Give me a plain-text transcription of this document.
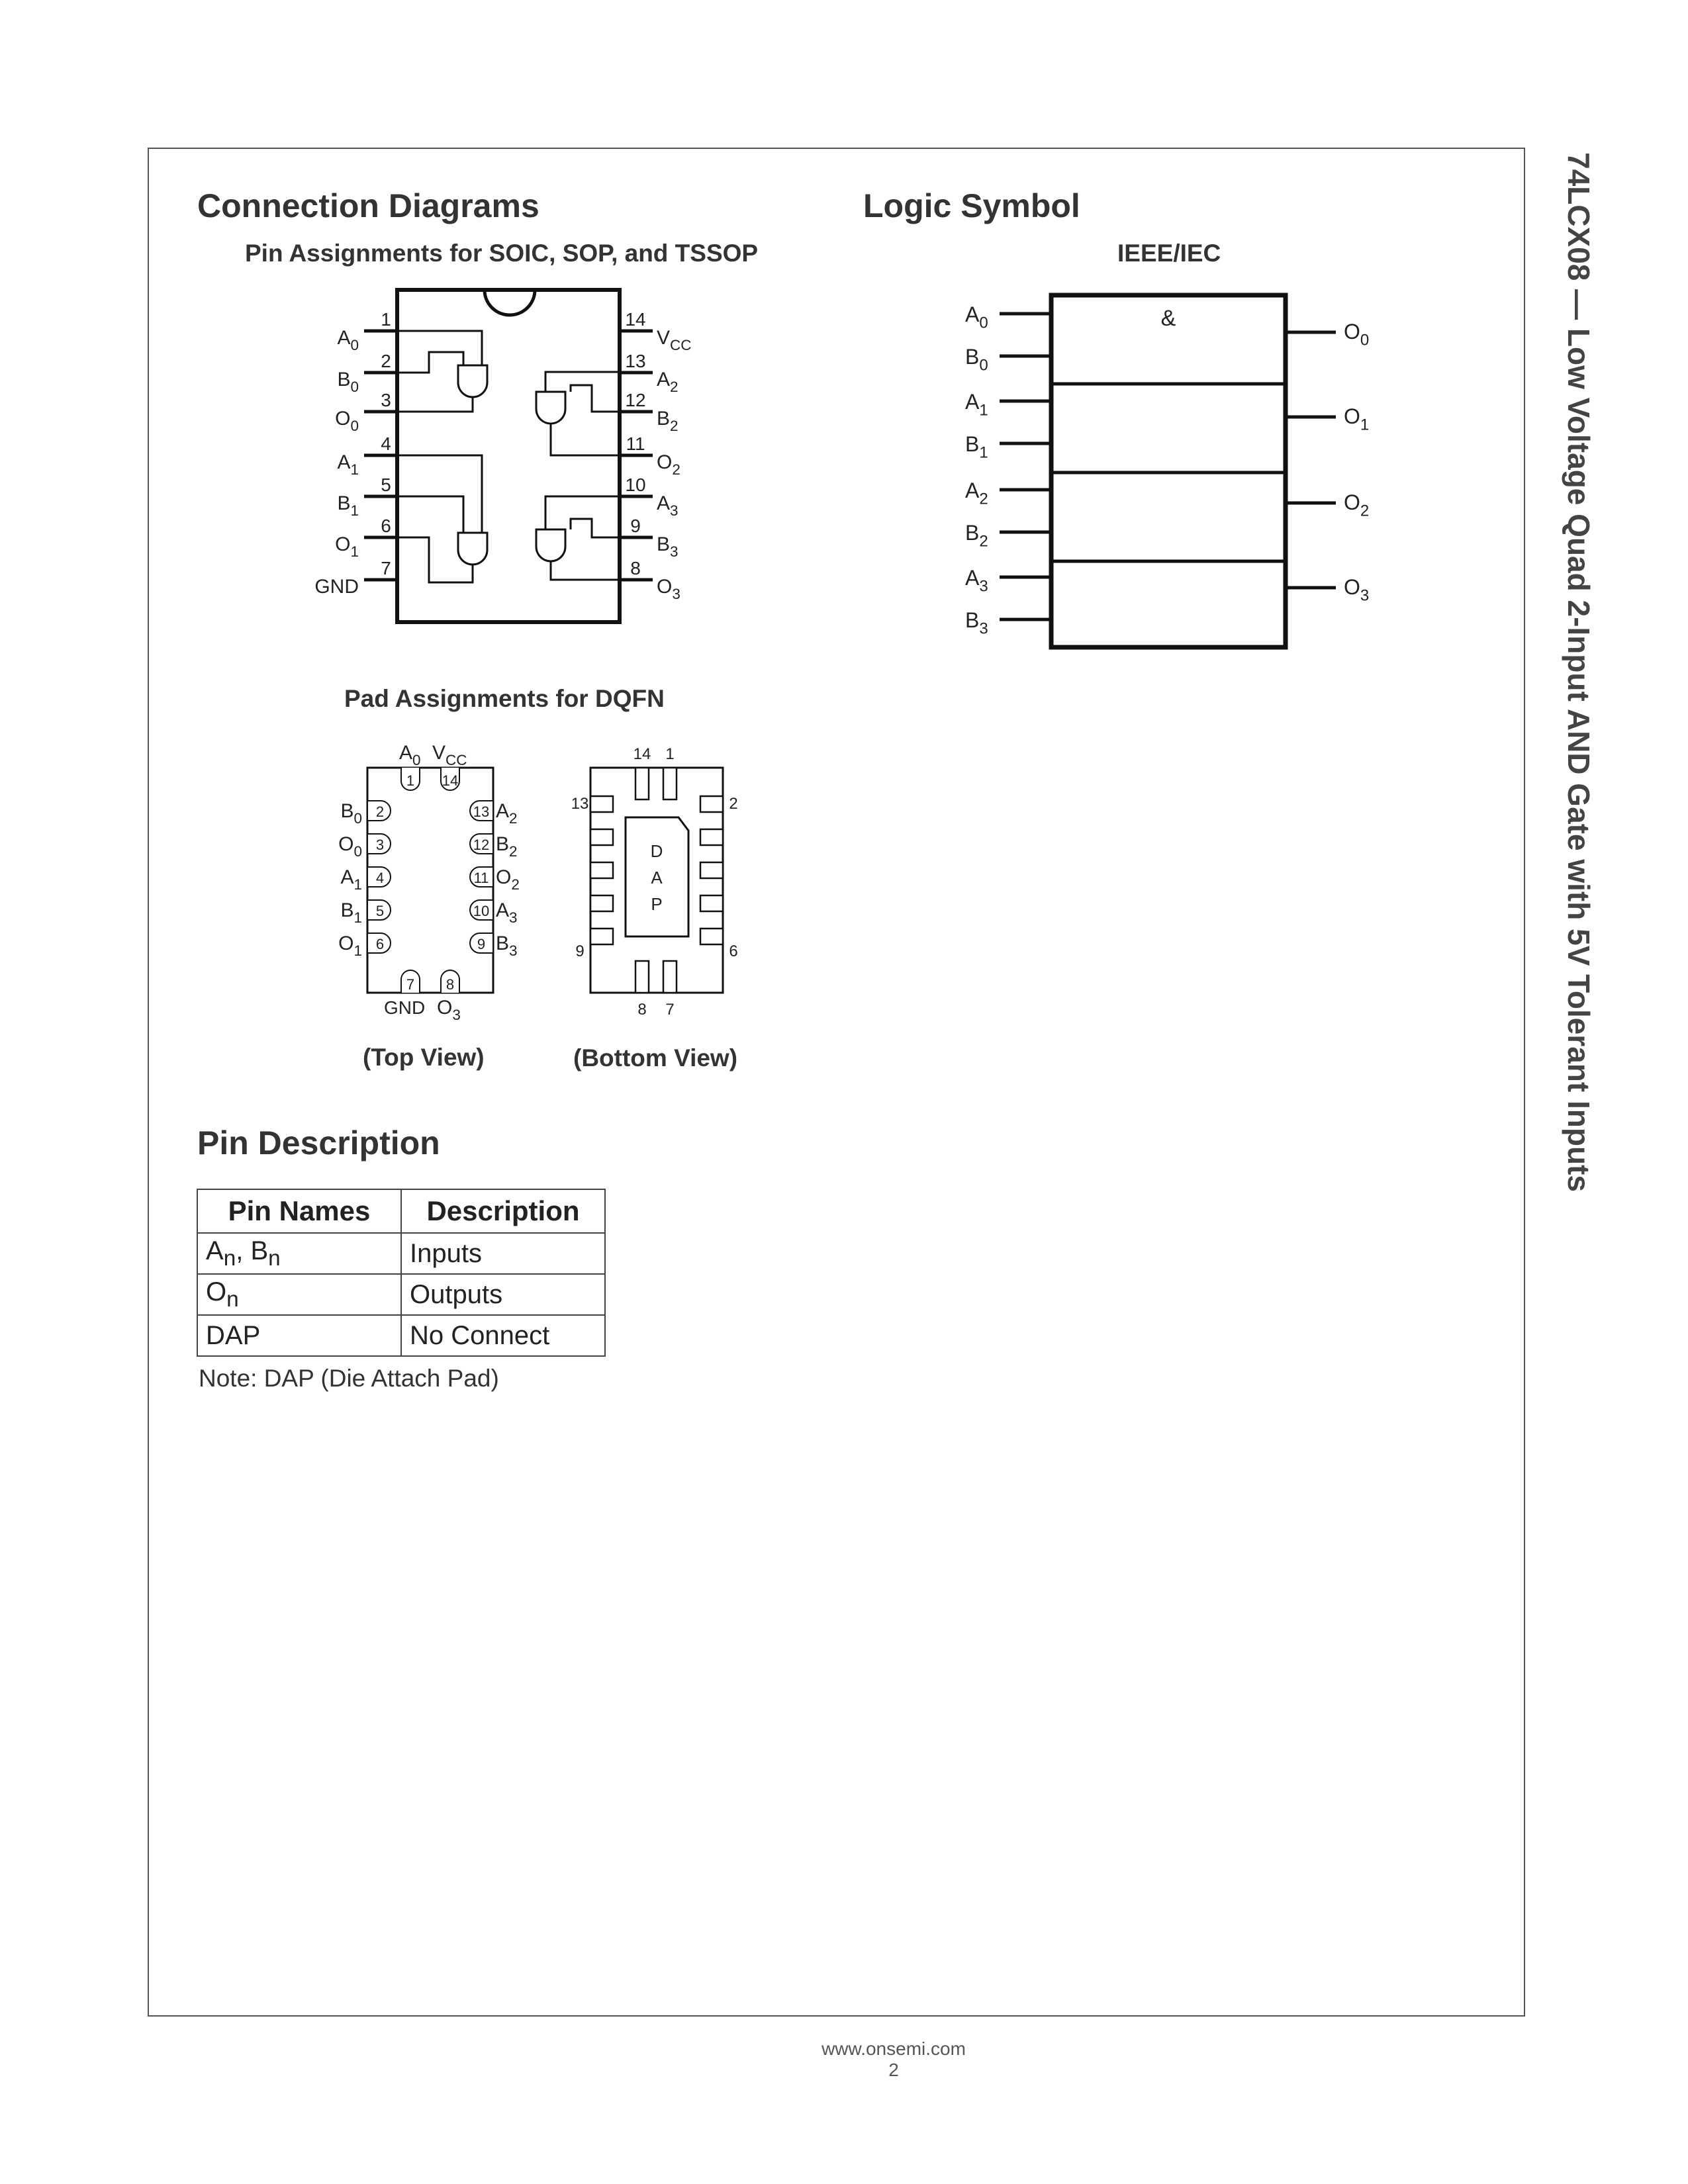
74LCX08 — Low Voltage Quad 2-Input AND Gate with 5V Tolerant Inputs
Connection Diagrams
Pin Assignments for SOIC, SOP, and TSSOP
1
$A_0$
2
$B_0$
3
$O_0$
4
$A_1$
5
$B_1$
6
$O_1$
7
GND
14
$V_{CC}$
13
$A_2$
12
$B_2$
11
$O_2$
10
$A_3$
9
$B_3$
8
$O_3$
Pad Assignments for DQFN
2
$B_0$	13 $A_2$
3
$O_0$	12 $B_2$
4
$A_1$	11 $O_2$
5
$B_1$	10 $A_3$
6
$O_1$	9 $B_3$
1 14
$A_0$ $V_{CC}$
7 8
GND $O_3$
14 1
8 7
13
9
2
6
D
A
P
(Top View)	(Bottom View)
Logic Symbol
IEEE/IEC
&
$A_0$
$B_0$
$A_1$
$B_1$
$A_2$
$B_2$
$A_3$
$B_3$
$O_0$
$O_1$
$O_2$
$O_3$
Pin Description
Pin Names	Description
$A_n$, $B_n$	Inputs
$O_n$	Outputs
DAP	No Connect
Note: DAP (Die Attach Pad)
www.onsemi.com
2
